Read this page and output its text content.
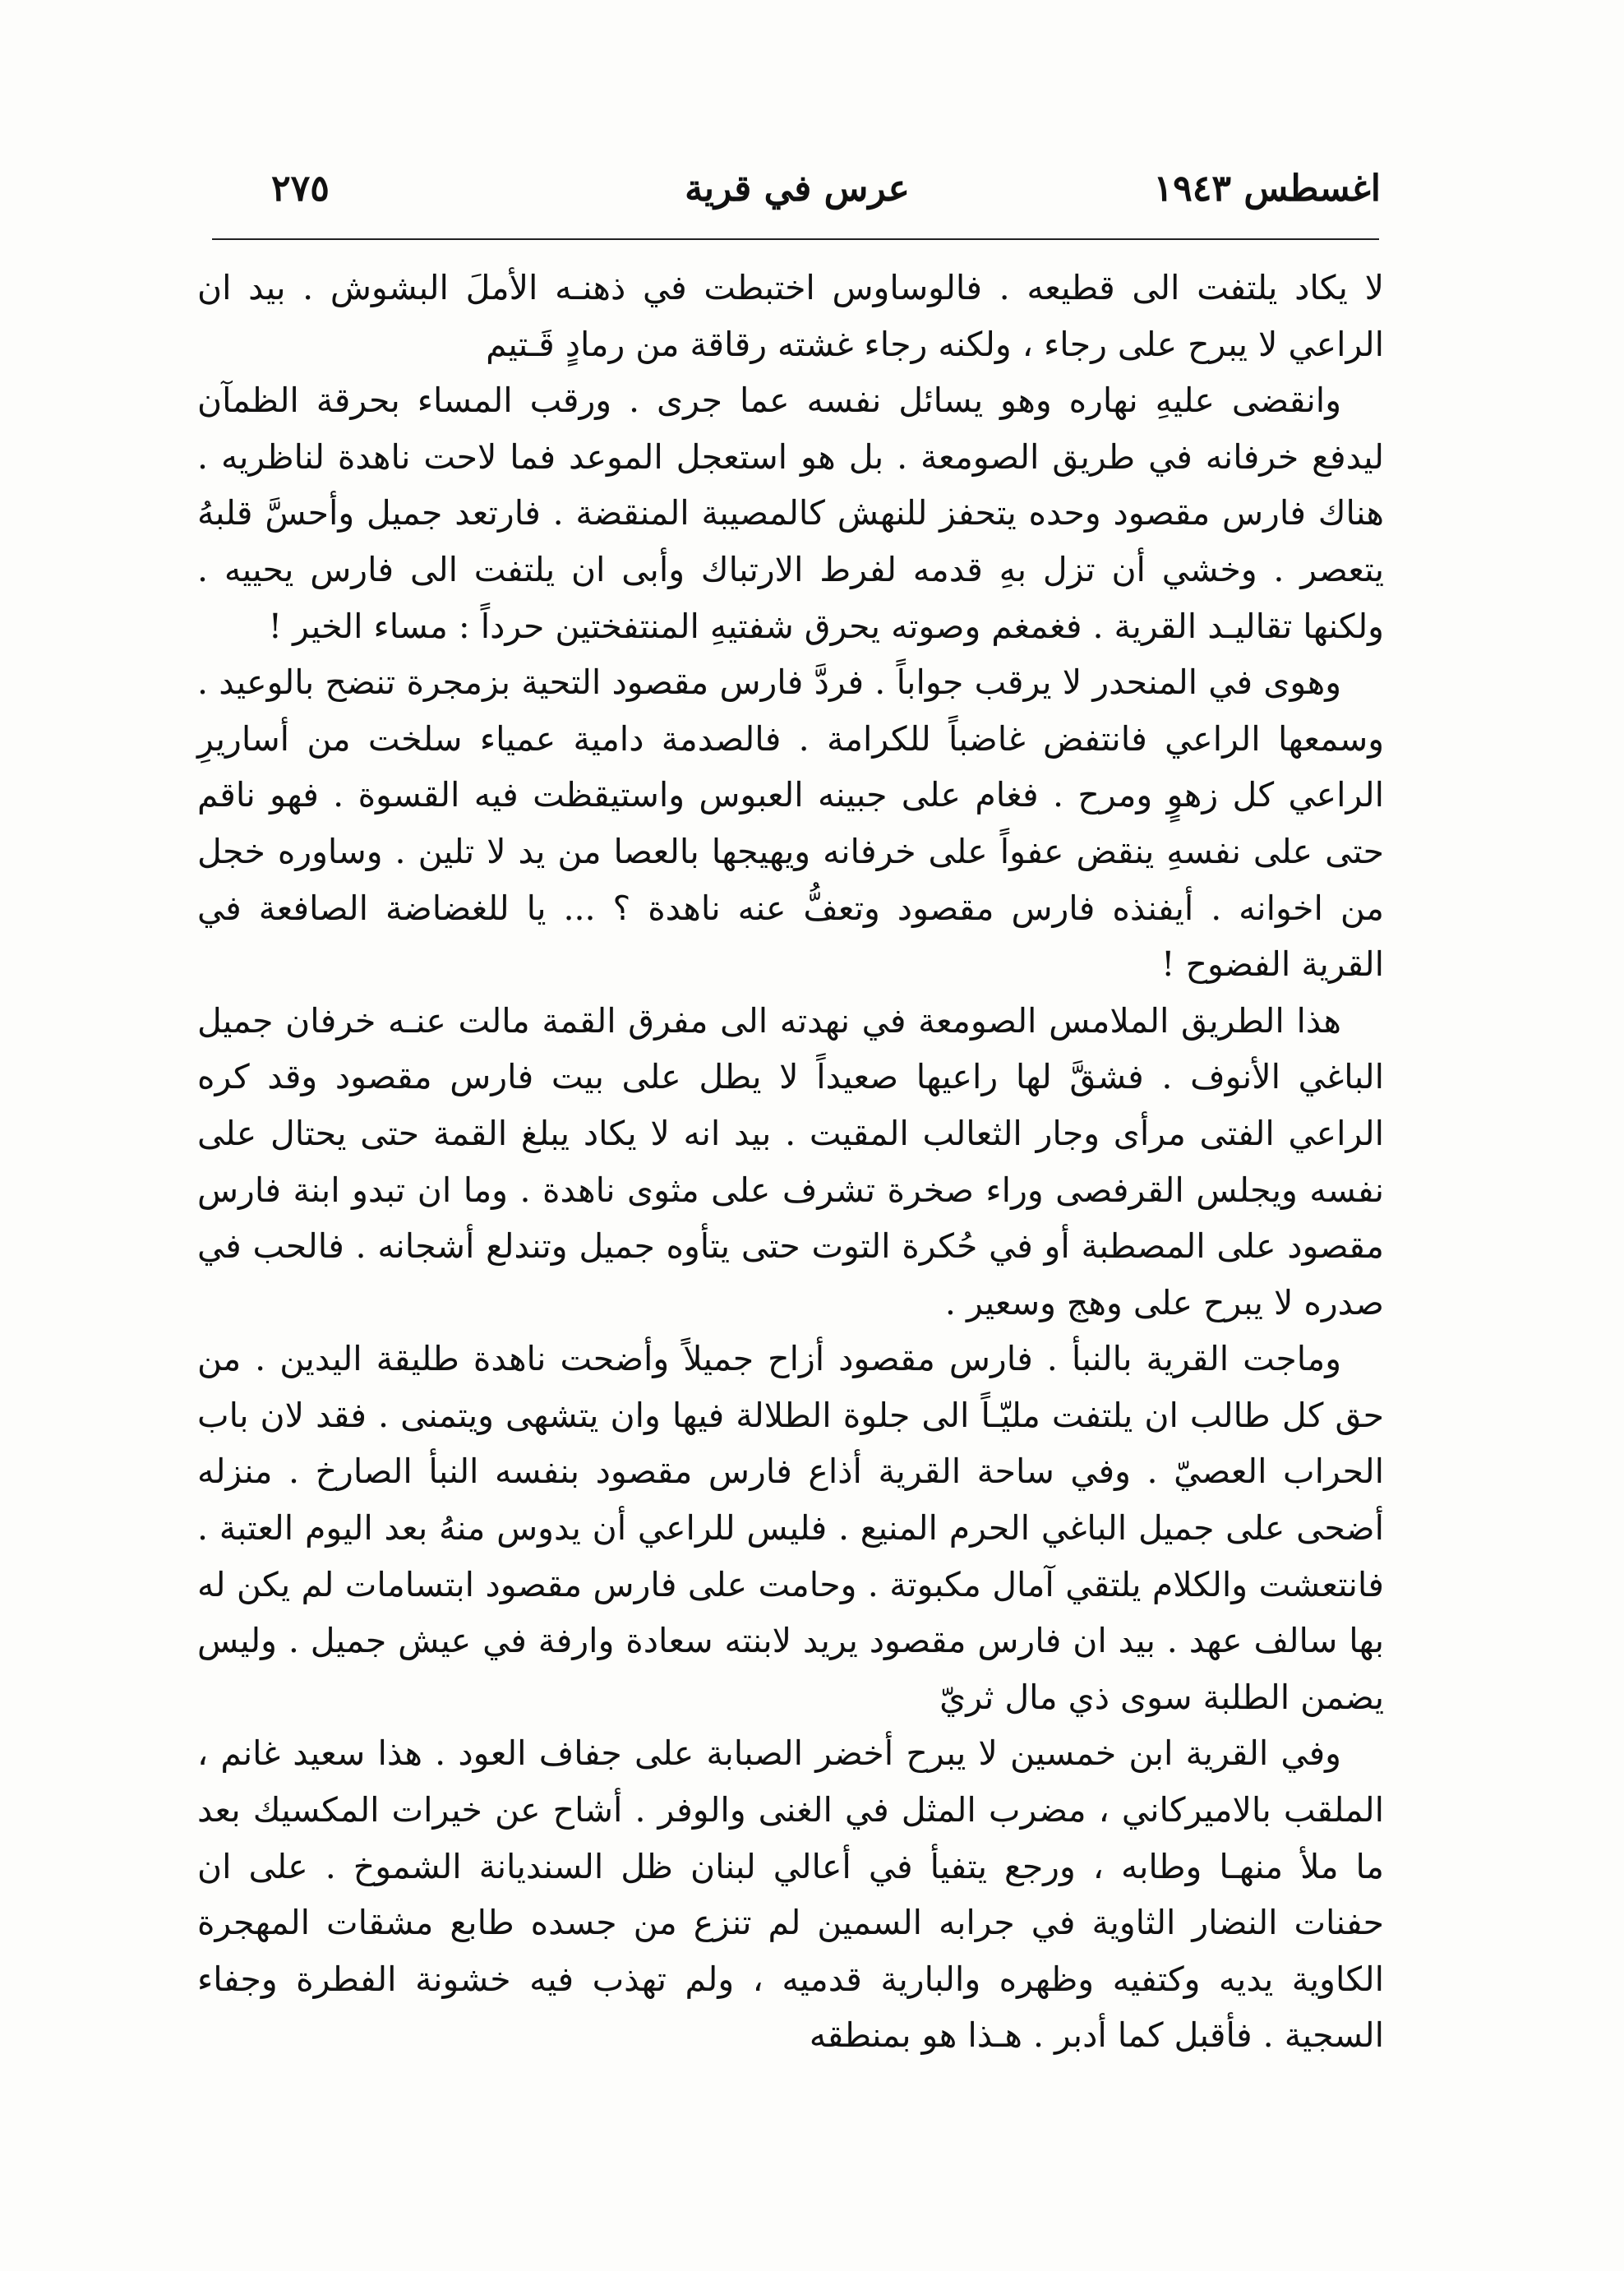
اغسطس ١٩٤٣
عرس في قرية
٢٧٥

لا يكاد يلتفت الى قطيعه . فالوساوس اختبطت في ذهنـه الأملَ البشوش . بيد ان الراعي لا يبرح على رجاء ، ولكنه رجاء غشته رقاقة من رمادٍ قَـتيم

وانقضى عليهِ نهاره وهو يسائل نفسه عما جرى . ورقب المساء بحرقة الظمآن ليدفع خرفانه في طريق الصومعة . بل هو استعجل الموعد فما لاحت ناهدة لناظريه . هناك فارس مقصود وحده يتحفز للنهش كالمصيبة المنقضة . فارتعد جميل وأحسَّ قلبهُ يتعصر . وخشي أن تزل بهِ قدمه لفرط الارتباك وأبى ان يلتفت الى فارس يحييه . ولكنها تقاليـد القرية . فغمغم وصوته يحرق شفتيهِ المنتفختين حرداً : مساء الخير !

وهوى في المنحدر لا يرقب جواباً . فردَّ فارس مقصود التحية بزمجرة تنضح بالوعيد . وسمعها الراعي فانتفض غاضباً للكرامة . فالصدمة دامية عمياء سلخت من أساريرِ الراعي كل زهوٍ ومرح . فغام على جبينه العبوس واستيقظت فيه القسوة . فهو ناقم حتى على نفسهِ ينقض عفواً على خرفانه ويهيجها بالعصا من يد لا تلين . وساوره خجل من اخوانه . أيفنذه فارس مقصود وتعفُّ عنه ناهدة ؟ ... يا للغضاضة الصافعة في القرية الفضوح !

هذا الطريق الملامس الصومعة في نهدته الى مفرق القمة مالت عنـه خرفان جميل الباغي الأنوف . فشقَّ لها راعيها صعيداً لا يطل على بيت فارس مقصود وقد كره الراعي الفتى مرأى وجار الثعالب المقيت . بيد انه لا يكاد يبلغ القمة حتى يحتال على نفسه ويجلس القرفصى وراء صخرة تشرف على مثوى ناهدة . وما ان تبدو ابنة فارس مقصود على المصطبة أو في حُكرة التوت حتى يتأوه جميل وتندلع أشجانه . فالحب في صدره لا يبرح على وهج وسعير .

وماجت القرية بالنبأ . فارس مقصود أزاح جميلاً وأضحت ناهدة طليقة اليدين . من حق كل طالب ان يلتفت مليّـاً الى جلوة الطلالة فيها وان يتشهى ويتمنى . فقد لان باب الحراب العصيّ . وفي ساحة القرية أذاع فارس مقصود بنفسه النبأ الصارخ . منزله أضحى على جميل الباغي الحرم المنيع . فليس للراعي أن يدوس منهُ بعد اليوم العتبة . فانتعشت والكلام يلتقي آمال مكبوتة . وحامت على فارس مقصود ابتسامات لم يكن له بها سالف عهد . بيد ان فارس مقصود يريد لابنته سعادة وارفة في عيش جميل . وليس يضمن الطلبة سوى ذي مال ثريّ

وفي القرية ابن خمسين لا يبرح أخضر الصبابة على جفاف العود . هذا سعيد غانم ، الملقب بالاميركاني ، مضرب المثل في الغنى والوفر . أشاح عن خيرات المكسيك بعد ما ملأ منهـا وطابه ، ورجع يتفيأ في أعالي لبنان ظل السنديانة الشموخ . على ان حفنات النضار الثاوية في جرابه السمين لم تنزع من جسده طابع مشقات المهجرة الكاوية يديه وكتفيه وظهره والبارية قدميه ، ولم تهذب فيه خشونة الفطرة وجفاء السجية . فأقبل كما أدبر . هـذا هو بمنطقه
